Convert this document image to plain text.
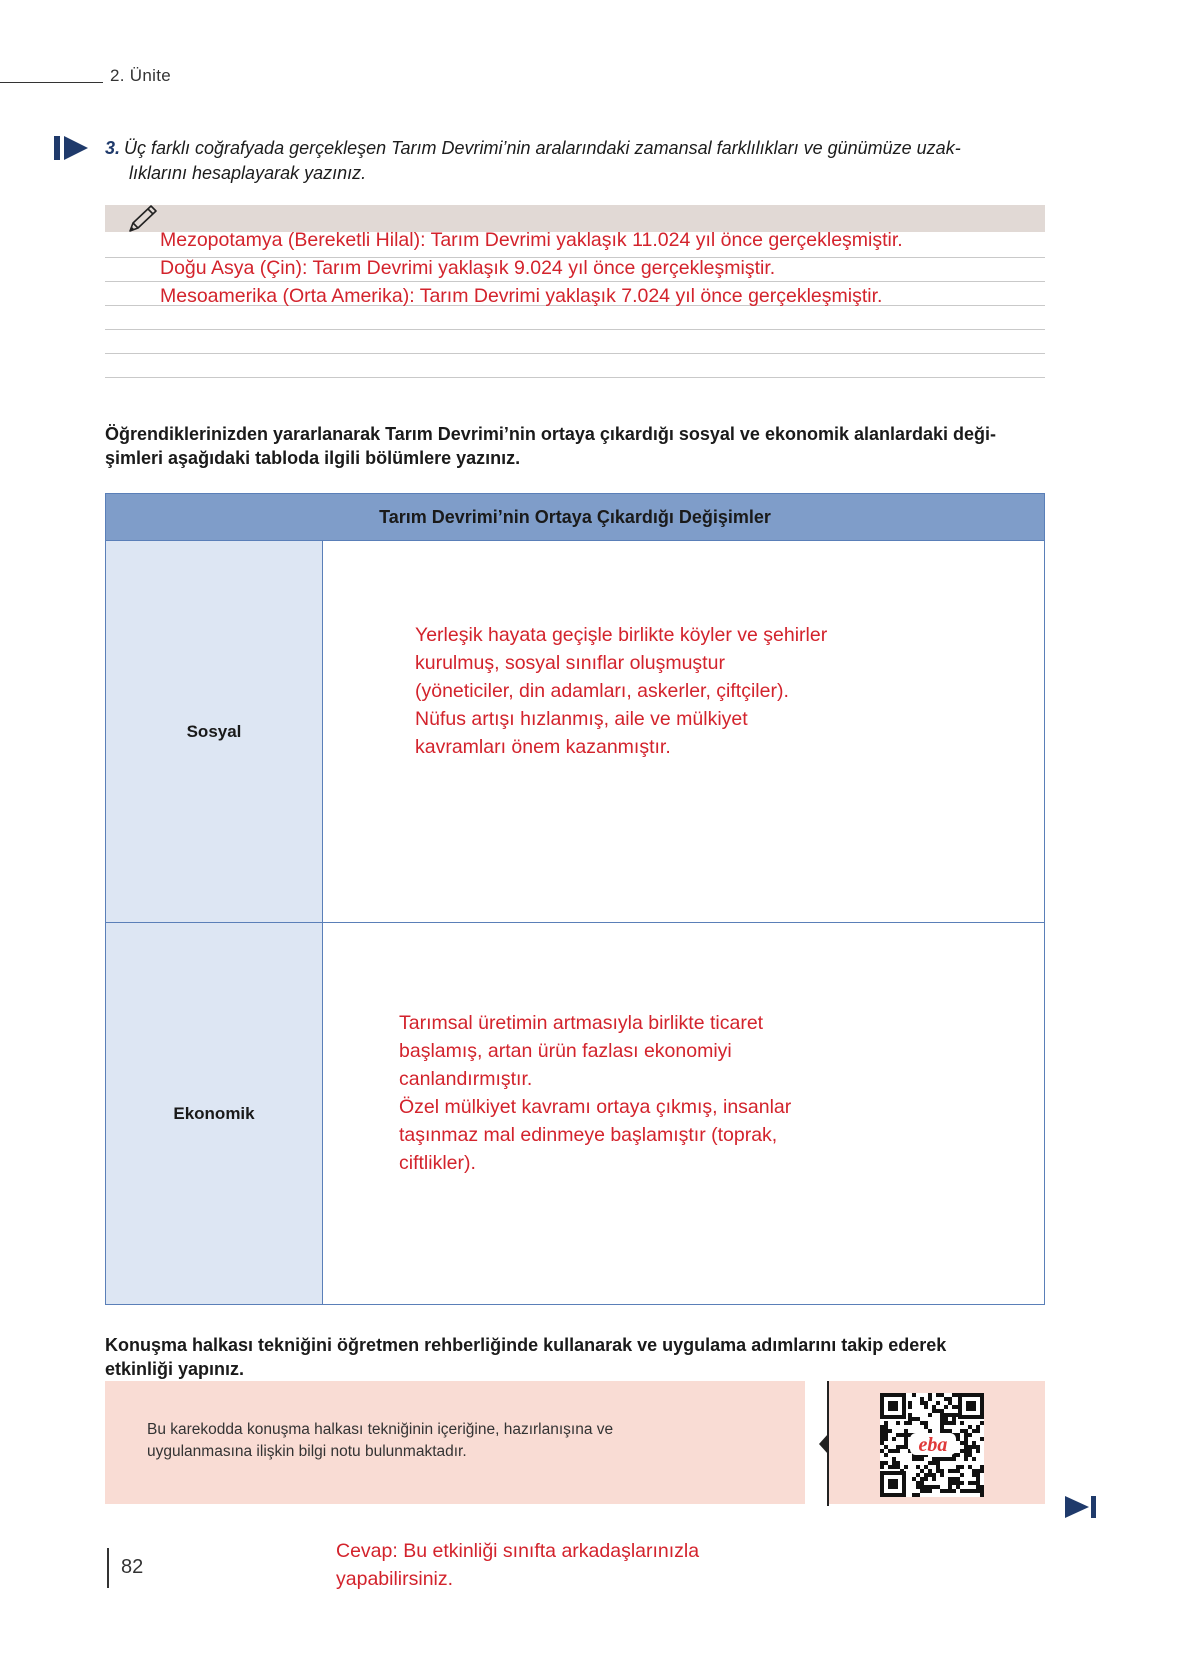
2. Ünite
3. Üç farklı coğrafyada gerçekleşen Tarım Devrimi’nin aralarındaki zamansal farklılıkları ve günümüze uzak-
lıklarını hesaplayarak yazınız.
Mezopotamya (Bereketli Hilal): Tarım Devrimi yaklaşık 11.024 yıl önce gerçekleşmiştir.
Doğu Asya (Çin): Tarım Devrimi yaklaşık 9.024 yıl önce gerçekleşmiştir.
Mesoamerika (Orta Amerika): Tarım Devrimi yaklaşık 7.024 yıl önce gerçekleşmiştir.
Öğrendiklerinizden yararlanarak Tarım Devrimi’nin ortaya çıkardığı sosyal ve ekonomik alanlardaki deği-
şimleri aşağıdaki tabloda ilgili bölümlere yazınız.
Tarım Devrimi’nin Ortaya Çıkardığı Değişimler
Sosyal
Yerleşik hayata geçişle birlikte köyler ve şehirler
kurulmuş, sosyal sınıflar oluşmuştur
(yöneticiler, din adamları, askerler, çiftçiler).
Nüfus artışı hızlanmış, aile ve mülkiyet
kavramları önem kazanmıştır.
Ekonomik
Tarımsal üretimin artmasıyla birlikte ticaret
başlamış, artan ürün fazlası ekonomiyi
canlandırmıştır.
Özel mülkiyet kavramı ortaya çıkmış, insanlar
taşınmaz mal edinmeye başlamıştır (toprak,
ciftlikler).
Konuşma halkası tekniğini öğretmen rehberliğinde kullanarak ve uygulama adımlarını takip ederek
etkinliği yapınız.
Bu karekodda konuşma halkası tekniğinin içeriğine, hazırlanışına ve
uygulanmasına ilişkin bilgi notu bulunmaktadır.	eba
82
Cevap: Bu etkinliği sınıfta arkadaşlarınızla
yapabilirsiniz.
